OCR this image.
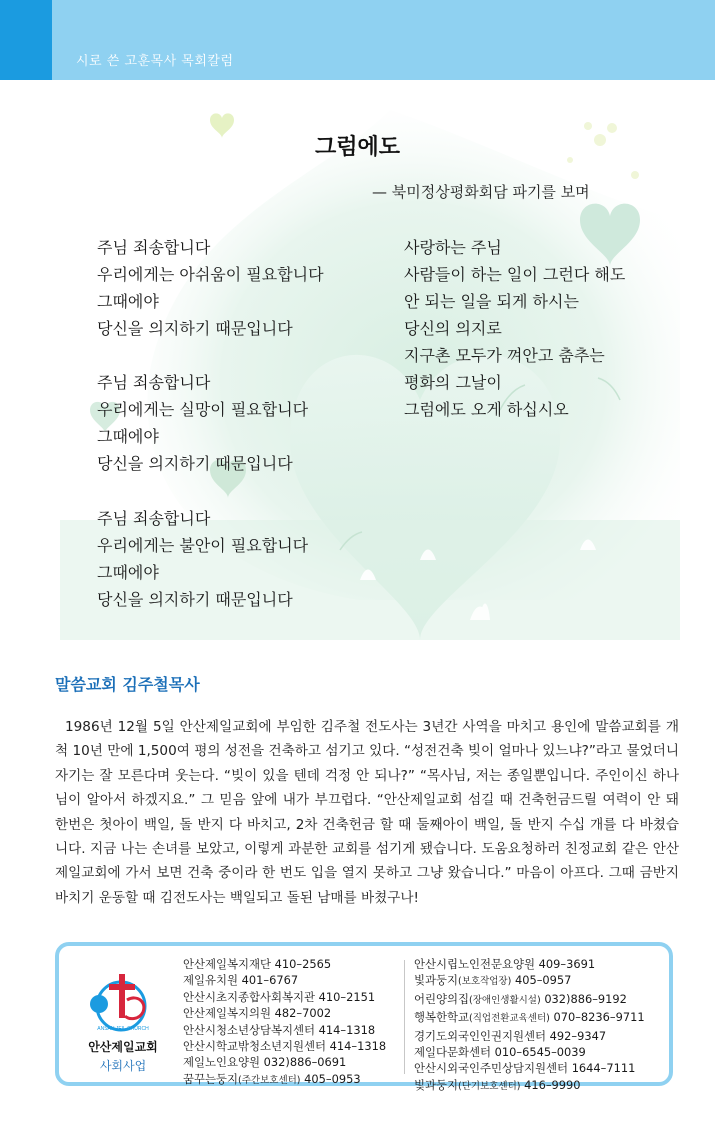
시로 쓴 고훈목사 목회칼럼
그럼에도
— 북미정상평화회담 파기를 보며
주님 죄송합니다
우리에게는 아쉬움이 필요합니다
그때에야
당신을 의지하기 때문입니다
주님 죄송합니다
우리에게는 실망이 필요합니다
그때에야
당신을 의지하기 때문입니다
주님 죄송합니다
우리에게는 불안이 필요합니다
그때에야
당신을 의지하기 때문입니다
사랑하는 주님
사람들이 하는 일이 그런다 해도
안 되는 일을 되게 하시는
당신의 의지로
지구촌 모두가 껴안고 춤추는
평화의 그날이
그럼에도 오게 하십시오
말씀교회 김주철목사
1986년 12월 5일 안산제일교회에 부임한 김주철 전도사는 3년간 사역을 마치고 용인에 말씀교회를 개척 10년 만에 1,500여 평의 성전을 건축하고 섬기고 있다. “성전건축 빚이 얼마나 있느냐?”라고 물었더니 자기는 잘 모른다며 웃는다. “빚이 있을 텐데 걱정 안 되나?” “목사님, 저는 종일뿐입니다. 주인이신 하나님이 알아서 하겠지요.” 그 믿음 앞에 내가 부끄럽다. “안산제일교회 섬길 때 건축헌금드릴 여력이 안 돼 한번은 첫아이 백일, 돌 반지 다 바치고, 2차 건축헌금 할 때 둘째아이 백일, 돌 반지 수십 개를 다 바쳤습니다. 지금 나는 손녀를 보았고, 이렇게 과분한 교회를 섬기게 됐습니다. 도움요청하러 친정교회 같은 안산제일교회에 가서 보면 건축 중이라 한 번도 입을 열지 못하고 그냥 왔습니다.” 마음이 아프다. 그때 금반지 바치기 운동할 때 김전도사는 백일되고 돌된 남매를 바쳤구나!
ANSAN JEIL CHURCH
안산제일교회
사회사업
안산제일복지재단 410–2565
제일유치원 401–6767
안산시초지종합사회복지관 410–2151
안산제일복지의원 482–7002
안산시청소년상담복지센터 414–1318
안산시학교밖청소년지원센터 414–1318
제일노인요양원 032)886–0691
꿈꾸는둥지(주간보호센터) 405–0953
안산시립노인전문요양원 409–3691
빛과둥지(보호작업장) 405–0957
어린양의집(장애인생활시설) 032)886–9192
행복한학교(직업전환교육센터) 070–8236–9711
경기도외국인인권지원센터 492–9347
제일다문화센터 010–6545–0039
안산시외국인주민상담지원센터 1644–7111
빛과둥지(단기보호센터) 416–9990
